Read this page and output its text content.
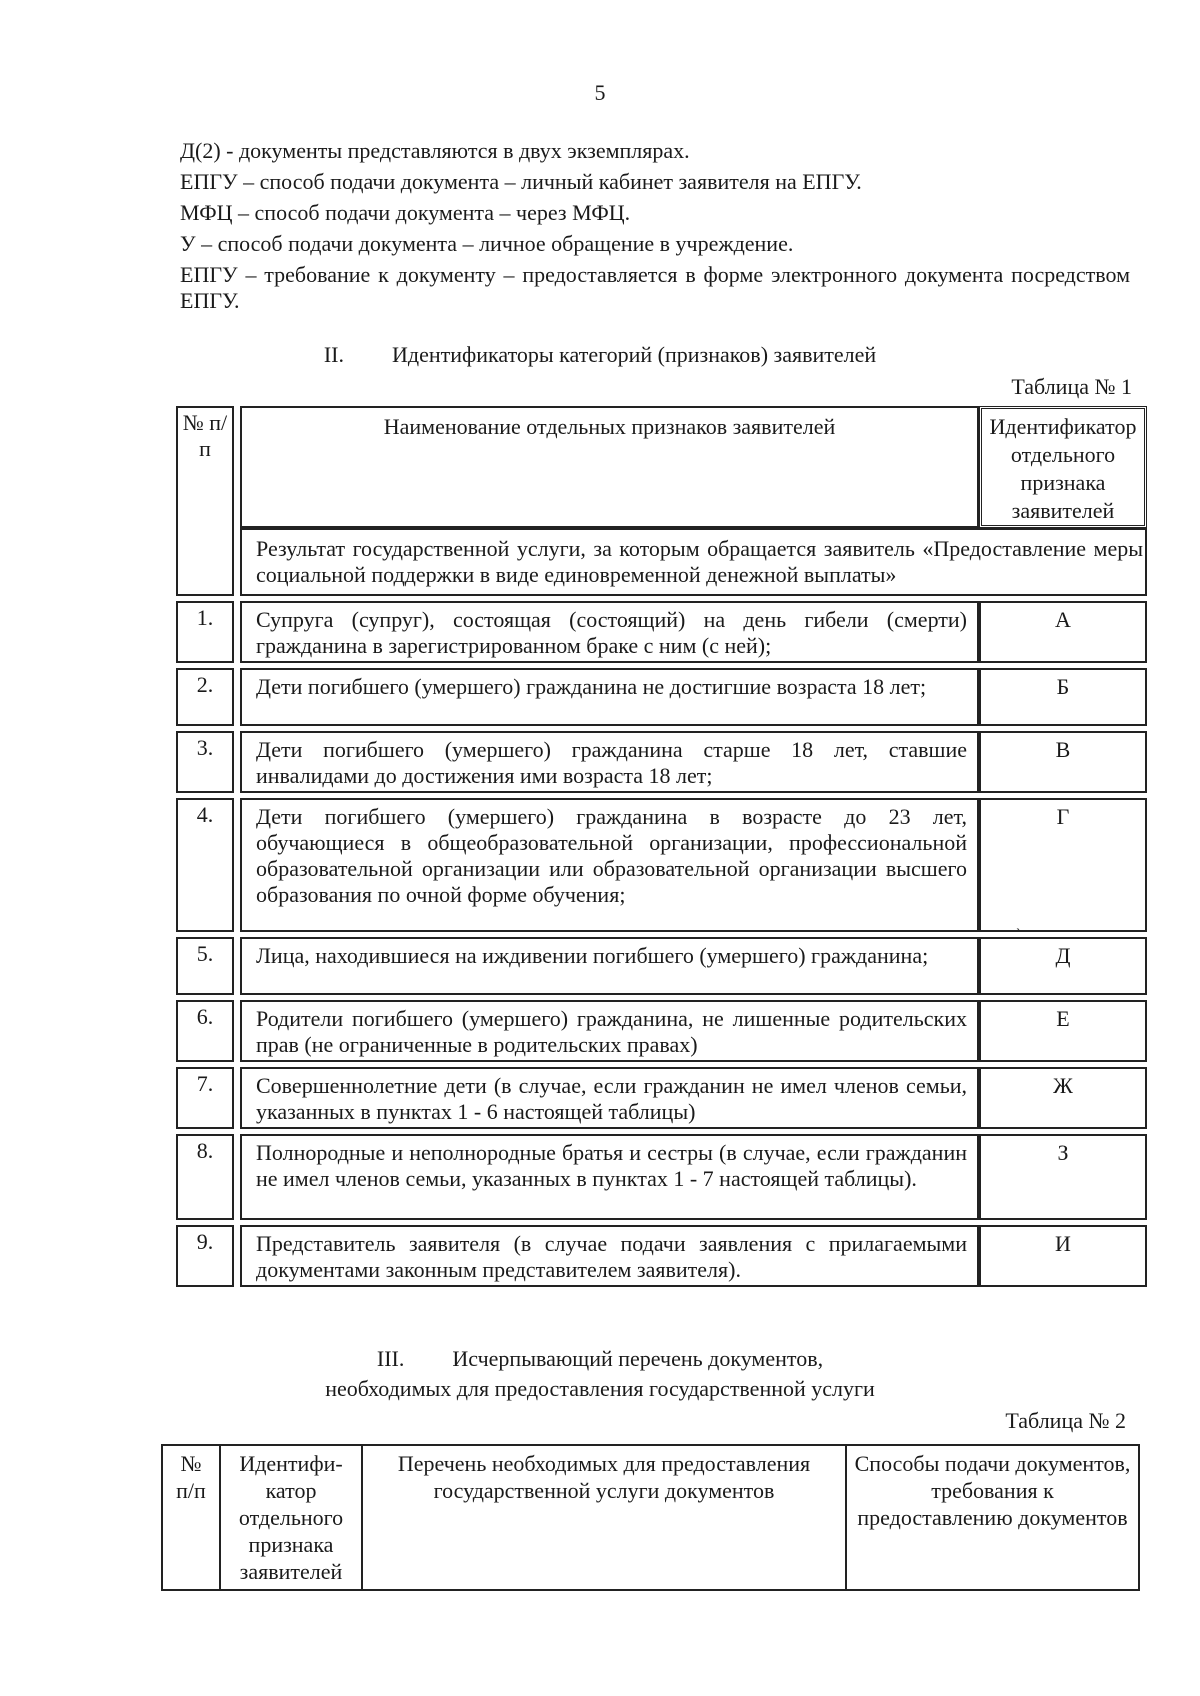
5

Д(2) - документы представляются в двух экземплярах.

ЕПГУ – способ подачи документа – личный кабинет заявителя на ЕПГУ.

МФЦ – способ подачи документа – через МФЦ.

У – способ подачи документа – личное обращение в учреждение.

ЕПГУ – требование к документу – предоставляется в форме электронного документа посредством ЕПГУ.

II. Идентификаторы категорий (признаков) заявителей
Таблица № 1
№ п/п		Наименование отдельных признаков заявителей	Идентификатор отдельного признака заявителей
		Результат государственной услуги, за которым обращается заявитель «Предоставление меры социальной поддержки в виде единовременной денежной выплаты»	

1.		Супруга (супруг), состоящая (состоящий) на день гибели (смерти) гражданина в зарегистрированном браке с ним (с ней);	А

2.		Дети погибшего (умершего) гражданина не достигшие возраста 18 лет;	Б

3.		Дети погибшего (умершего) гражданина старше 18 лет, ставшие инвалидами до достижения ими возраста 18 лет;	В

4.		Дети погибшего (умершего) гражданина в возрасте до 23 лет, обучающиеся в общеобразовательной организации, профессиональной образовательной организации или образовательной организации высшего образования по очной форме обучения;	Г

5.		Лица, находившиеся на иждивении погибшего (умершего) гражданина;	Д

6.		Родители погибшего (умершего) гражданина, не лишенные родительских прав (не ограниченные в родительских правах)	Е

7.		Совершеннолетние дети (в случае, если гражданин не имел членов семьи, указанных в пунктах 1 - 6 настоящей таблицы)	Ж

8.		Полнородные и неполнородные братья и сестры (в случае, если гражданин не имел членов семьи, указанных в пунктах 1 - 7 настоящей таблицы).	З

9.		Представитель заявителя (в случае подачи заявления с прилагаемыми документами законным представителем заявителя).	И
`
III. Исчерпывающий перечень документов,
необходимых для предоставления государственной услуги
Таблица № 2
№ п/п	Идентифи-катор отдельного признака заявителей	Перечень необходимых для предоставления государственной услуги документов	Способы подачи документов, требования к предоставлению документов
